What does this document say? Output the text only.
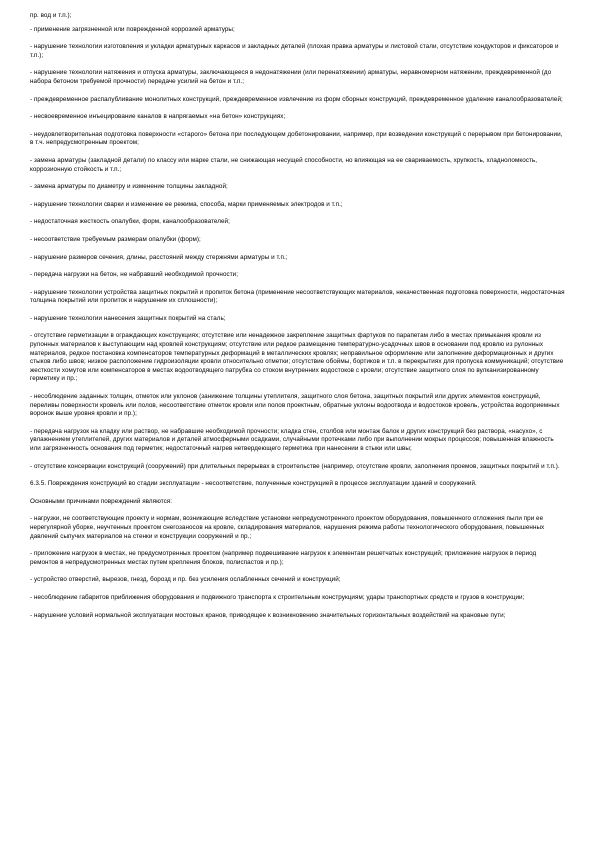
пр. вод и т.п.);

- применение загрязненной или поврежденной коррозией арматуры;

- нарушение технологии изготовления и укладки арматурных каркасов и закладных деталей (плохая правка арматуры и листовой стали, отсутствие кондукторов и фиксаторов и т.п.);

- нарушение технологии натяжения и отпуска арматуры, заключающееся в недонатяжении (или перенатяжении) арматуры, неравномерном натяжении, преждевременной (до набора бетоном требуемой прочности) передаче усилий на бетон и т.п.;

- преждевременное распалубливание монолитных конструкций, преждевременное извлечение из форм сборных конструкций, преждевременное удаление каналообразователей;

- несвоевременное инъецирование каналов в напрягаемых «на бетон» конструкциях;

- неудовлетворительная подготовка поверхности «старого» бетона при последующем добетонировании, например, при возведении конструкций с перерывом при бетонировании, в т.ч. непредусмотренным проектом;

- замена арматуры (закладной детали) по классу или марке стали, не снижающая несущей способности, но влияющая на ее свариваемость, хрупкость, хладноломкость, коррозионную стойкость и т.п.;

- замена арматуры по диаметру и изменение толщины закладной;

- нарушение технологии сварки и изменение ее режима, способа, марки применяемых электродов и т.п.;

- недостаточная жесткость опалубки, форм, каналообразователей;

- несоответствие требуемым размерам опалубки (форм);

- нарушение размеров сечения, длины, расстояний между стержнями арматуры и т.п.;

- передача нагрузки на бетон, не набравший необходимой прочности;

- нарушение технологии устройства защитных покрытий и пропиток бетона (применение несоответствующих материалов, некачественная подготовка поверхности, недостаточная толщина покрытий или пропиток и нарушение их сплошности);

- нарушение технологии нанесения защитных покрытий на сталь;

- отсутствие герметизации в ограждающих конструкциях; отсутствие или ненадежное закрепление защитных фартуков по парапетам либо в местах примыкания кровли из рулонных материалов к выступающим над кровлей конструкциям; отсутствие или редкое размещение температурно-усадочных швов в основании под кровлю из рулонных материалов, редкое постановка компенсаторов температурных деформаций в металлических кровлях; неправильное оформление или заполнение деформационных и других стыков либо швов; низкое расположение гидроизоляции кровли относительно отметки; отсутствие обоймы, бортиков и т.п. в перекрытиях для пропуска коммуникаций; отсутствие жесткости хомутов или компенсаторов в местах водоотводящего патрубка со стоком внутренних водостоков с кровли; отсутствие защитного слоя по вулканизированному герметику и пр.;

- несоблюдение заданных толщин, отметок или уклонов (занижение толщины утеплителя, защитного слоя бетона, защитных покрытий или других элементов конструкций, переливы поверхности кровель или полов, несоответствие отметок кровли или полов проектным, обратные уклоны водоотвода и водостоков кровель, устройства водоприемных воронок выше уровня кровли и пр.);

- передача нагрузок на кладку или раствор, не набравшие необходимой прочности; кладка стен, столбов или монтаж балок и других конструкций без раствора, «насухо», с увлажнением утеплителей, других материалов и деталей атмосферными осадками, случайными протечками либо при выполнении мокрых процессов; повышенная влажность или загрязненность основания под герметик; недостаточный нагрев нетвердеющего герметика при нанесении в стыки или швы;

- отсутствие консервации конструкций (сооружений) при длительных перерывах в строительстве (например, отсутствие кровли, заполнения проемов, защитных покрытий и т.п.).

6.3.5. Повреждения конструкций во стадии эксплуатации - несоответствие, полученные конструкцией в процессе эксплуатации зданий и сооружений.

Основными причинами повреждений являются:

- нагрузки, не соответствующие проекту и нормам, возникающие вследствие установки непредусмотренного проектом оборудования, повышенного отложения пыли при ее нерегулярной уборке, неучтенных проектом снегозаносов на кровле, складирования материалов, нарушения режима работы технологического оборудования, повышенных давлений сыпучих материалов на стенки и конструкции сооружений и пр.;

- приложение нагрузок в местах, не предусмотренных проектом (например подвешивание нагрузок к элементам решетчатых конструкций; приложение нагрузок в период ремонтов в непредусмотренных местах путем крепления блоков, полиспастов и пр.);

- устройство отверстий, вырезов, гнезд, борозд и пр. без усиления ослабленных сечений и конструкций;

- несоблюдение габаритов приближения оборудования и подвижного транспорта к строительным конструкциям; удары транспортных средств и грузов в конструкции;

- нарушение условий нормальной эксплуатации мостовых кранов, приводящее к возникновению значительных горизонтальных воздействий на крановые пути;
